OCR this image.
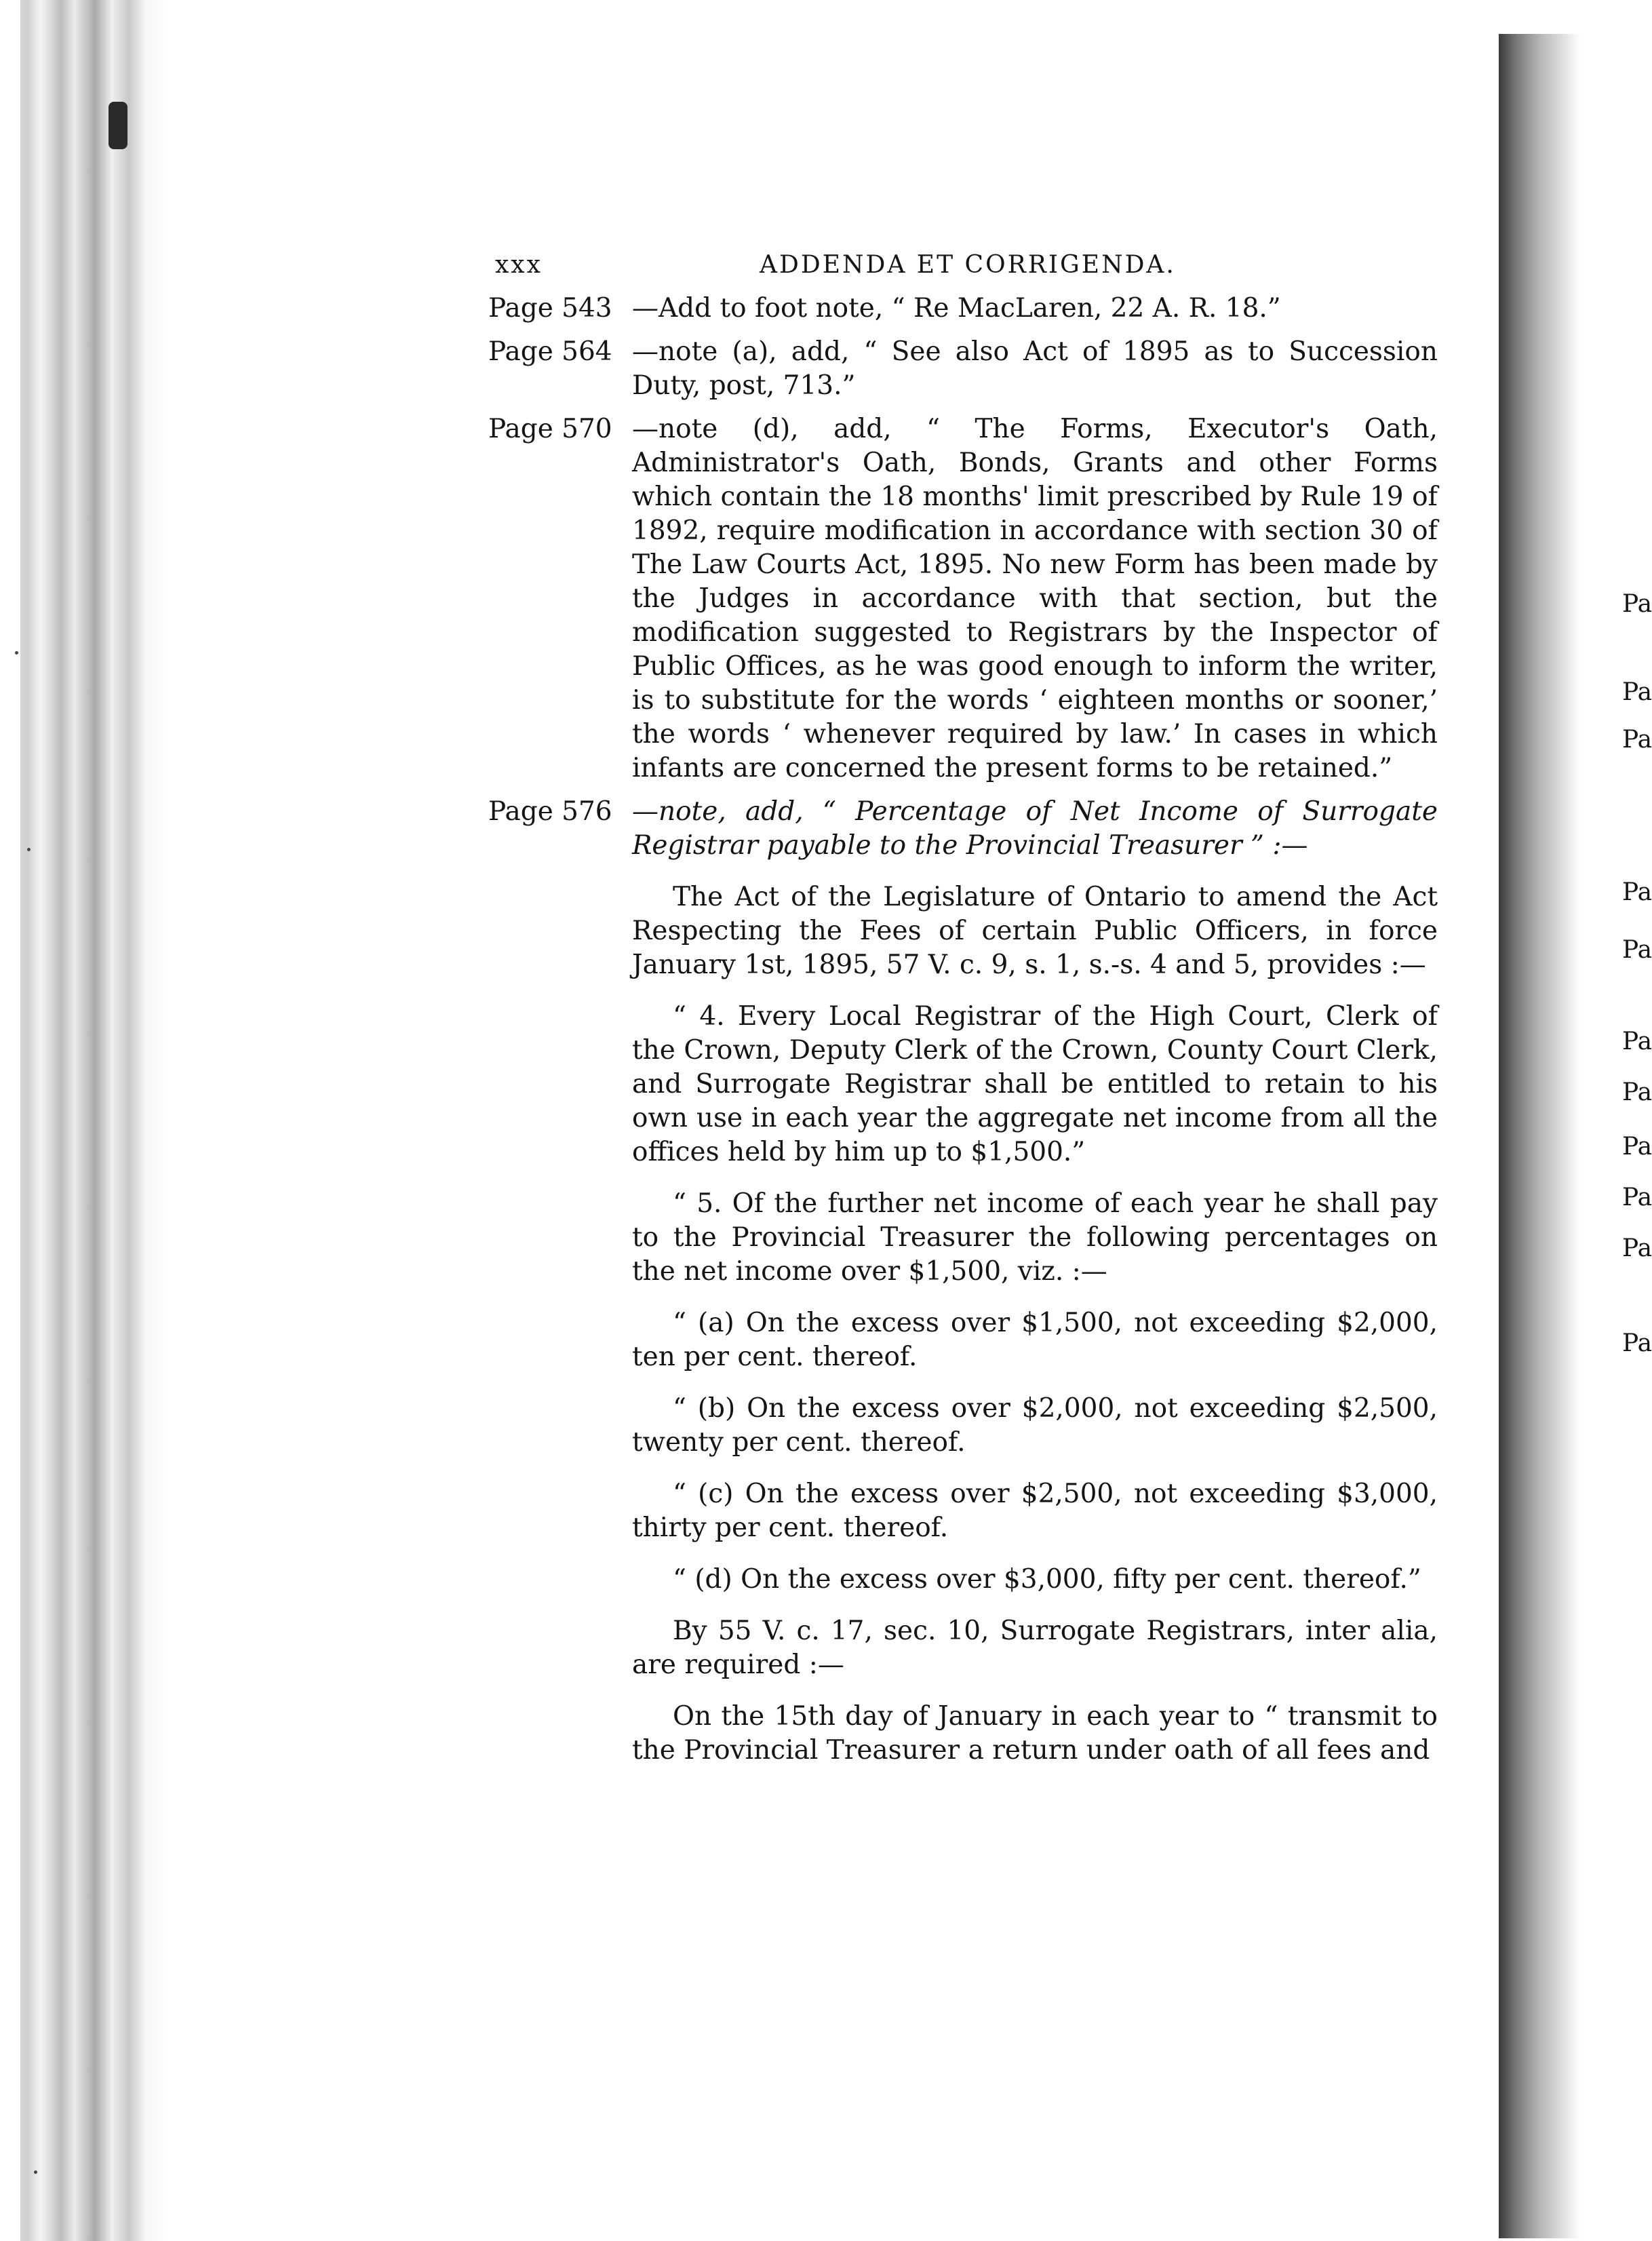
Pa
Pa
Pa
Pa
Pa
Pa
Pa
Pa
Pa
Pa
Pa
xxx	ADDENDA ET CORRIGENDA.
Page 543 —Add to foot note, “ Re MacLaren, 22 A. R. 18.”
Page 564 —note (a), add, “ See also Act of 1895 as to Succession Duty, post, 713.”
Page 570 —note (d), add, “ The Forms, Executor's Oath, Administrator's Oath, Bonds, Grants and other Forms which contain the 18 months' limit prescribed by Rule 19 of 1892, require modification in accordance with section 30 of The Law Courts Act, 1895. No new Form has been made by the Judges in accordance with that section, but the modification suggested to Registrars by the Inspector of Public Offices, as he was good enough to inform the writer, is to substitute for the words ‘ eighteen months or sooner,’ the words ‘ whenever required by law.’ In cases in which infants are concerned the present forms to be retained.”
Page 576 —note, add, “ Percentage of Net Income of Surrogate Registrar payable to the Provincial Treasurer ” :—

The Act of the Legislature of Ontario to amend the Act Respecting the Fees of certain Public Officers, in force January 1st, 1895, 57 V. c. 9, s. 1, s.-s. 4 and 5, provides :—

“ 4. Every Local Registrar of the High Court, Clerk of the Crown, Deputy Clerk of the Crown, County Court Clerk, and Surrogate Registrar shall be entitled to retain to his own use in each year the aggregate net income from all the offices held by him up to $1,500.”

“ 5. Of the further net income of each year he shall pay to the Provincial Treasurer the following percentages on the net income over $1,500, viz. :—

“ (a) On the excess over $1,500, not exceeding $2,000, ten per cent. thereof.

“ (b) On the excess over $2,000, not exceeding $2,500, twenty per cent. thereof.

“ (c) On the excess over $2,500, not exceeding $3,000, thirty per cent. thereof.

“ (d) On the excess over $3,000, fifty per cent. thereof.”

By 55 V. c. 17, sec. 10, Surrogate Registrars, inter alia, are required :—

On the 15th day of January in each year to “ transmit to the Provincial Treasurer a return under oath of all fees and
